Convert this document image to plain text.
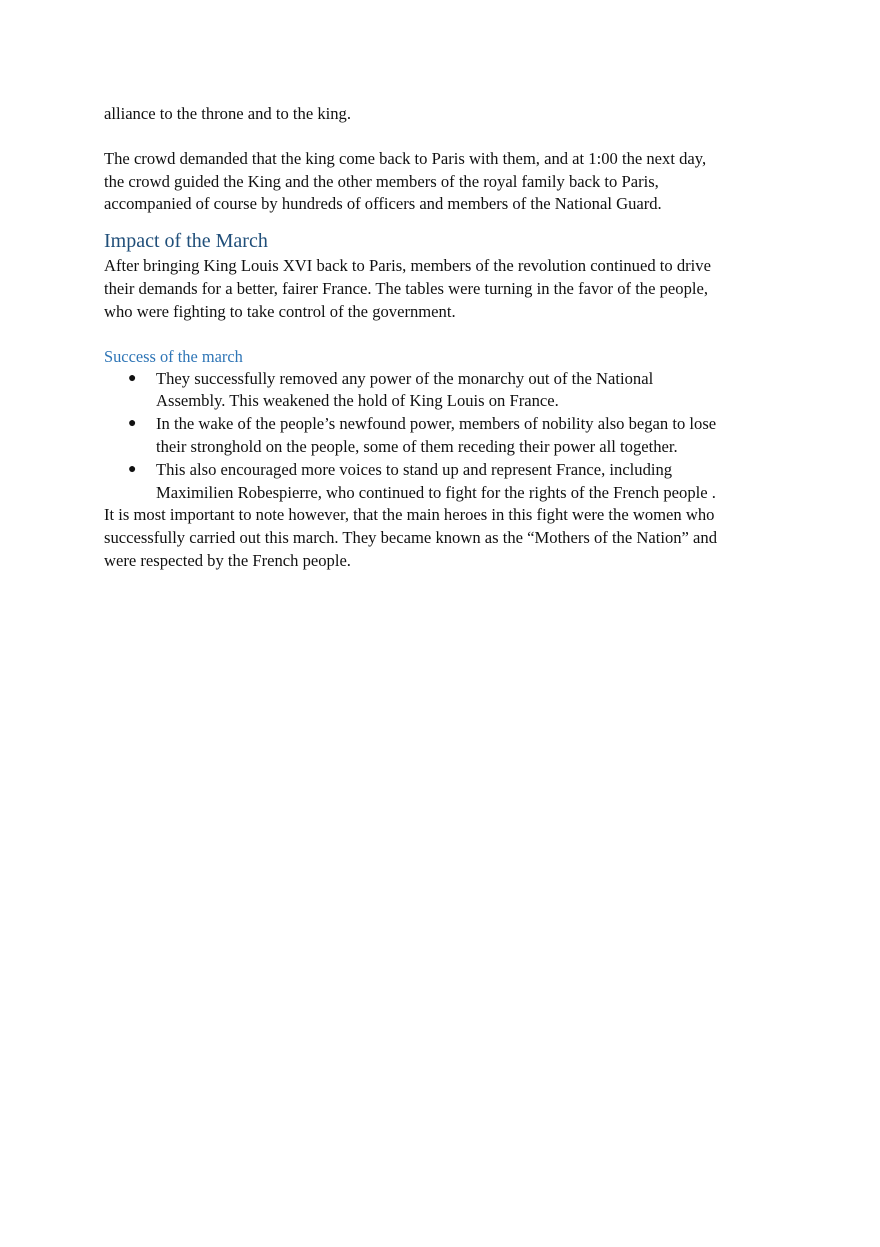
alliance to the throne and to the king.

The crowd demanded that the king come back to Paris with them, and at 1:00 the next day, the crowd guided the King and the other members of the royal family back to Paris, accompanied of course by hundreds of officers and members of the National Guard.

Impact of the March

After bringing King Louis XVI back to Paris, members of the revolution continued to drive their demands for a better, fairer France. The tables were turning in the favor of the people, who were fighting to take control of the government.

Success of the march
● They successfully removed any power of the monarchy out of the National Assembly. This weakened the hold of King Louis on France.
● In the wake of the people’s newfound power, members of nobility also began to lose their stronghold on the people, some of them receding their power all together.
● This also encouraged more voices to stand up and represent France, including Maximilien Robespierre, who continued to fight for the rights of the French people .

It is most important to note however, that the main heroes in this fight were the women who successfully carried out this march. They became known as the “Mothers of the Nation” and were respected by the French people.
